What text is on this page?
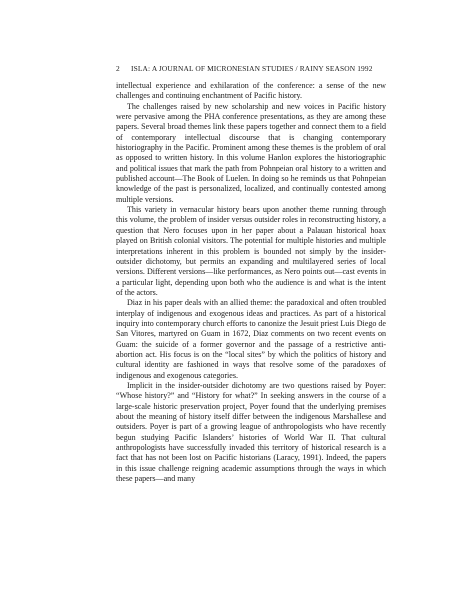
2 ISLA: A JOURNAL OF MICRONESIAN STUDIES / RAINY SEASON 1992

intellectual experience and exhilaration of the conference: a sense of the new challenges and continuing enchantment of Pacific history.

The challenges raised by new scholarship and new voices in Pacific history were pervasive among the PHA conference presentations, as they are among these papers. Several broad themes link these papers together and connect them to a field of contemporary intellectual discourse that is changing contemporary historiography in the Pacific. Prominent among these themes is the problem of oral as opposed to written history. In this volume Hanlon explores the historiographic and political issues that mark the path from Pohnpeian oral history to a written and published account—The Book of Luelen. In doing so he reminds us that Pohnpeian knowledge of the past is personalized, localized, and continually contested among multiple versions.

This variety in vernacular history bears upon another theme running through this volume, the problem of insider versus outsider roles in reconstructing history, a question that Nero focuses upon in her paper about a Palauan historical hoax played on British colonial visitors. The potential for multiple histories and multiple interpretations inherent in this problem is bounded not simply by the insider-outsider dichotomy, but permits an expanding and multilayered series of local versions. Different versions—like performances, as Nero points out—cast events in a particular light, depending upon both who the audience is and what is the intent of the actors.

Diaz in his paper deals with an allied theme: the paradoxical and often troubled interplay of indigenous and exogenous ideas and practices. As part of a historical inquiry into contemporary church efforts to canonize the Jesuit priest Luis Diego de San Vitores, martyred on Guam in 1672, Diaz comments on two recent events on Guam: the suicide of a former governor and the passage of a restrictive anti-abortion act. His focus is on the “local sites” by which the politics of history and cultural identity are fashioned in ways that resolve some of the paradoxes of indigenous and exogenous categories.

Implicit in the insider-outsider dichotomy are two questions raised by Poyer: “Whose history?” and “History for what?” In seeking answers in the course of a large-scale historic preservation project, Poyer found that the underlying premises about the meaning of history itself differ between the indigenous Marshallese and outsiders. Poyer is part of a growing league of anthropologists who have recently begun studying Pacific Islanders’ histories of World War II. That cultural anthropologists have successfully invaded this territory of historical research is a fact that has not been lost on Pacific historians (Laracy, 1991). Indeed, the papers in this issue challenge reigning academic assumptions through the ways in which these papers—and many
